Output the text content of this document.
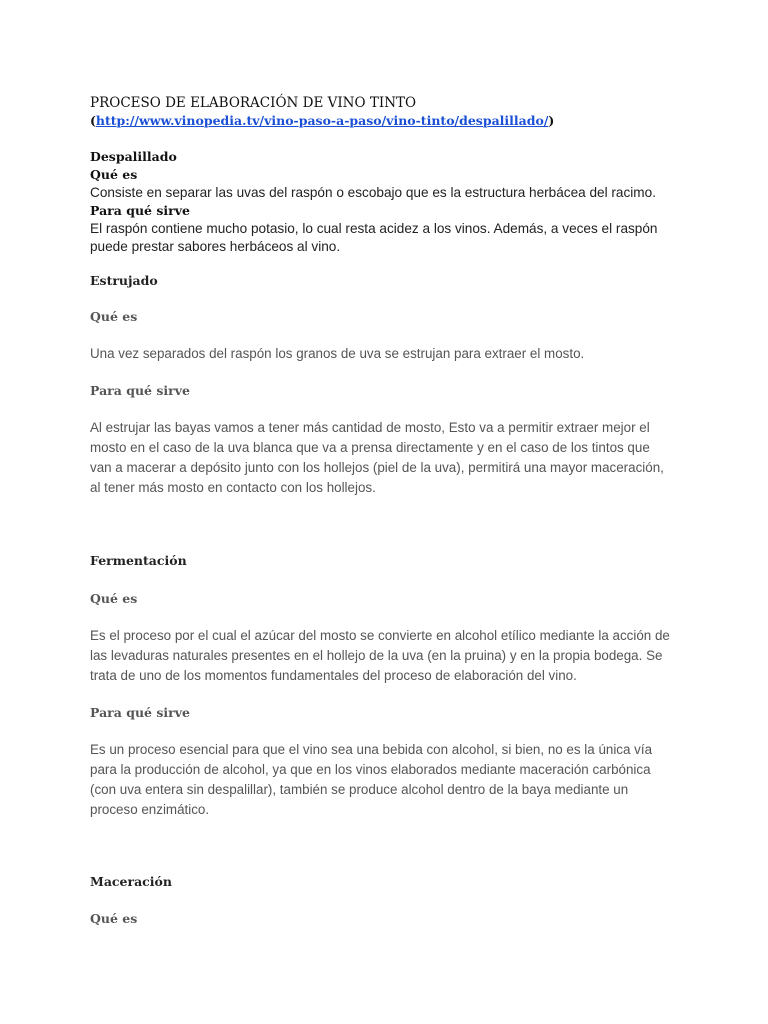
PROCESO DE ELABORACIÓN DE VINO TINTO
(http://www.vinopedia.tv/vino-paso-a-paso/vino-tinto/despalillado/)
Despalillado
Qué es

Consiste en separar las uvas del raspón o escobajo que es la estructura herbácea del racimo.

Para qué sirve

El raspón contiene mucho potasio, lo cual resta acidez a los vinos. Además, a veces el raspón puede prestar sabores herbáceos al vino.

Estrujado
Qué es

Una vez separados del raspón los granos de uva se estrujan para extraer el mosto.

Para qué sirve

Al estrujar las bayas vamos a tener más cantidad de mosto, Esto va a permitir extraer mejor el mosto en el caso de la uva blanca que va a prensa directamente y en el caso de los tintos que van a macerar a depósito junto con los hollejos (piel de la uva), permitirá una mayor maceración, al tener más mosto en contacto con los hollejos.

Fermentación
Qué es

Es el proceso por el cual el azúcar del mosto se convierte en alcohol etílico mediante la acción de las levaduras naturales presentes en el hollejo de la uva (en la pruina) y en la propia bodega. Se trata de uno de los momentos fundamentales del proceso de elaboración del vino.

Para qué sirve

Es un proceso esencial para que el vino sea una bebida con alcohol, si bien, no es la única vía para la producción de alcohol, ya que en los vinos elaborados mediante maceración carbónica (con uva entera sin despalillar), también se produce alcohol dentro de la baya mediante un proceso enzimático.

Maceración
Qué es
